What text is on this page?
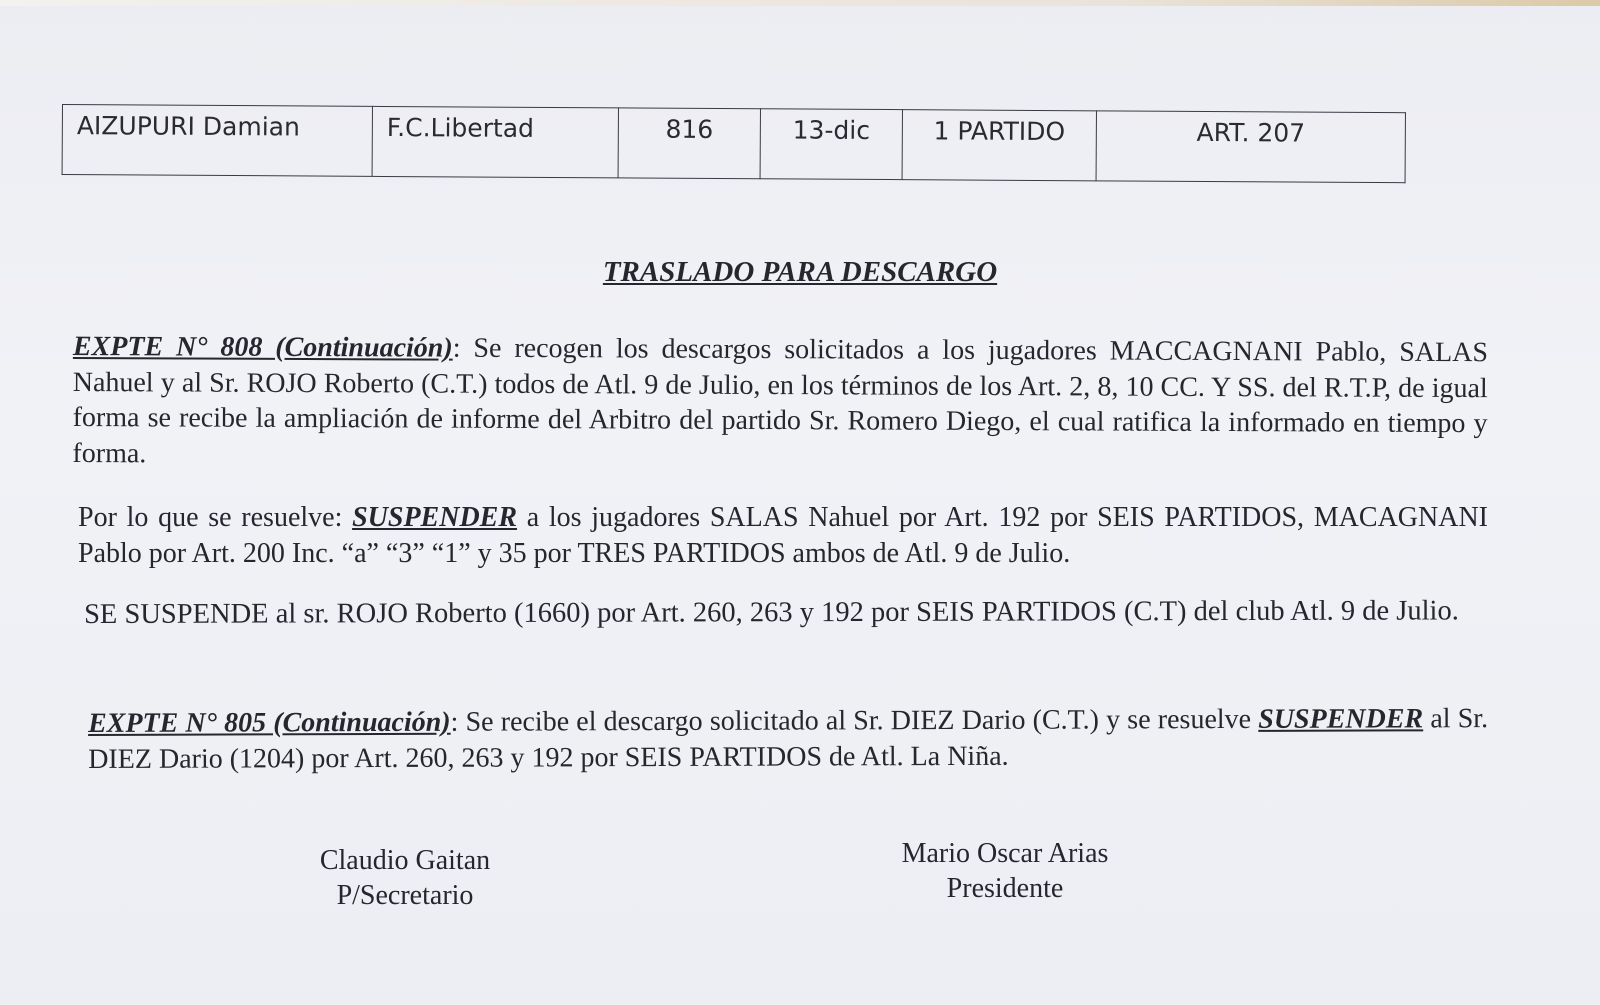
AIZUPURI Damian	F.C.Libertad	816	13-dic	1 PARTIDO	ART. 207
TRASLADO PARA DESCARGO
EXPTE N° 808 (Continuación): Se recogen los descargos solicitados a los jugadores MACCAGNANI Pablo, SALAS Nahuel y al Sr. ROJO Roberto (C.T.) todos de Atl. 9 de Julio, en los términos de los Art. 2, 8, 10 CC. Y SS. del R.T.P, de igual forma se recibe la ampliación de informe del Arbitro del partido Sr. Romero Diego, el cual ratifica la informado en tiempo y forma.
Por lo que se resuelve: SUSPENDER a los jugadores SALAS Nahuel por Art. 192 por SEIS PARTIDOS, MACAGNANI Pablo por Art. 200 Inc. “a” “3” “1” y 35 por TRES PARTIDOS ambos de Atl. 9 de Julio.
SE SUSPENDE al sr. ROJO Roberto (1660) por Art. 260, 263 y 192 por SEIS PARTIDOS (C.T) del club Atl. 9 de Julio.
EXPTE N° 805 (Continuación): Se recibe el descargo solicitado al Sr. DIEZ Dario (C.T.) y se resuelve SUSPENDER al Sr. DIEZ Dario (1204) por Art. 260, 263 y 192 por SEIS PARTIDOS de Atl. La Niña.
Claudio Gaitan
P/Secretario
Mario Oscar Arias
Presidente
